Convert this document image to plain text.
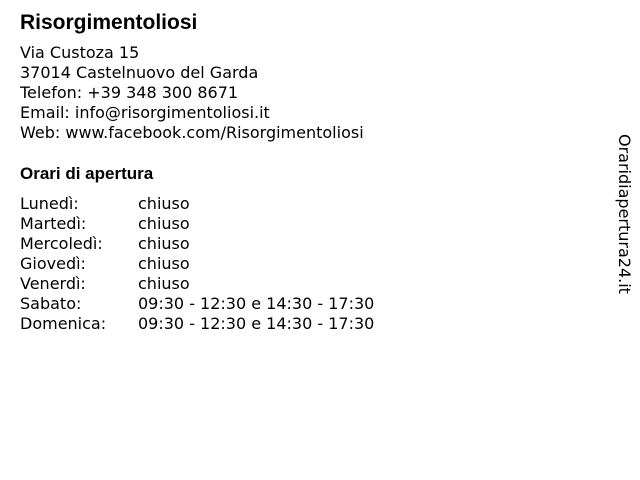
Risorgimentoliosi
Via Custoza 15
37014 Castelnuovo del Garda
Telefon: +39 348 300 8671
Email: info@risorgimentoliosi.it
Web: www.facebook.com/Risorgimentoliosi
Orari di apertura
Lunedì:	chiuso
Martedì:	chiuso
Mercoledì:	chiuso
Giovedì:	chiuso
Venerdì:	chiuso
Sabato:	09:30 - 12:30 e 14:30 - 17:30
Domenica:	09:30 - 12:30 e 14:30 - 17:30
Oraridiapertura24.it
